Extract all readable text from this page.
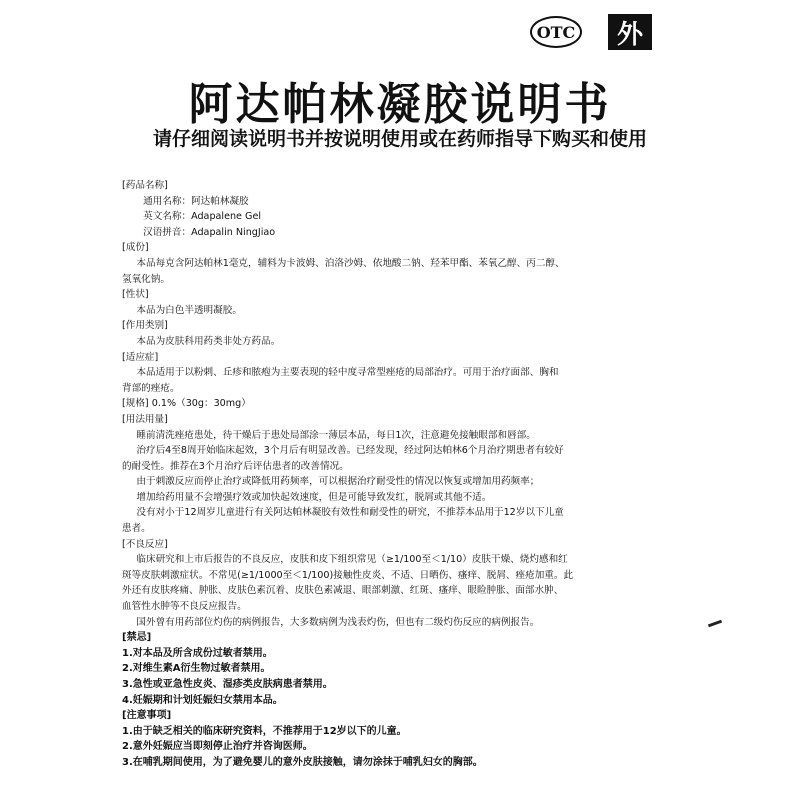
OTC	外
阿达帕林凝胶说明书

请仔细阅读说明书并按说明使用或在药师指导下购买和使用

[药品名称]

通用名称：阿达帕林凝胶

英文名称：Adapalene Gel

汉语拼音：Adapalin NingJiao

[成份]

本品每克含阿达帕林1毫克，辅料为卡波姆、泊洛沙姆、依地酸二钠、羟苯甲酯、苯氧乙醇、丙二醇、

氢氧化钠。

[性状]

本品为白色半透明凝胶。

[作用类别]

本品为皮肤科用药类非处方药品。

[适应症]

本品适用于以粉刺、丘疹和脓疱为主要表现的轻中度寻常型痤疮的局部治疗。可用于治疗面部、胸和

背部的痤疮。

[规格] 0.1%（30g：30mg）

[用法用量]

睡前清洗痤疮患处，待干燥后于患处局部涂一薄层本品，每日1次，注意避免接触眼部和唇部。

治疗后4至8周开始临床起效，3个月后有明显改善。已经发现，经过阿达帕林6个月治疗期患者有较好

的耐受性。推荐在3个月治疗后评估患者的改善情况。

由于刺激反应而停止治疗或降低用药频率，可以根据治疗耐受性的情况以恢复或增加用药频率；

增加给药用量不会增强疗效或加快起效速度，但是可能导致发红，脱屑或其他不适。

没有对小于12周岁儿童进行有关阿达帕林凝胶有效性和耐受性的研究，不推荐本品用于12岁以下儿童

患者。

[不良反应]

临床研究和上市后报告的不良反应，皮肤和皮下组织常见（≥1/100至＜1/10）皮肤干燥、烧灼感和红

斑等皮肤刺激症状。不常见(≥1/1000至＜1/100)接触性皮炎、不适、日晒伤、瘙痒、脱屑、痤疮加重。此

外还有皮肤疼痛、肿胀、皮肤色素沉着、皮肤色素减退、眼部刺激、红斑、瘙痒、眼睑肿胀、面部水肿、

血管性水肿等不良反应报告。

国外曾有用药部位灼伤的病例报告，大多数病例为浅表灼伤，但也有二级灼伤反应的病例报告。

[禁忌]

1.对本品及所含成份过敏者禁用。

2.对维生素A衍生物过敏者禁用。

3.急性或亚急性皮炎、湿疹类皮肤病患者禁用。

4.妊娠期和计划妊娠妇女禁用本品。

[注意事项]

1.由于缺乏相关的临床研究资料，不推荐用于12岁以下的儿童。

2.意外妊娠应当即刻停止治疗并咨询医师。

3.在哺乳期间使用，为了避免婴儿的意外皮肤接触，请勿涂抹于哺乳妇女的胸部。
